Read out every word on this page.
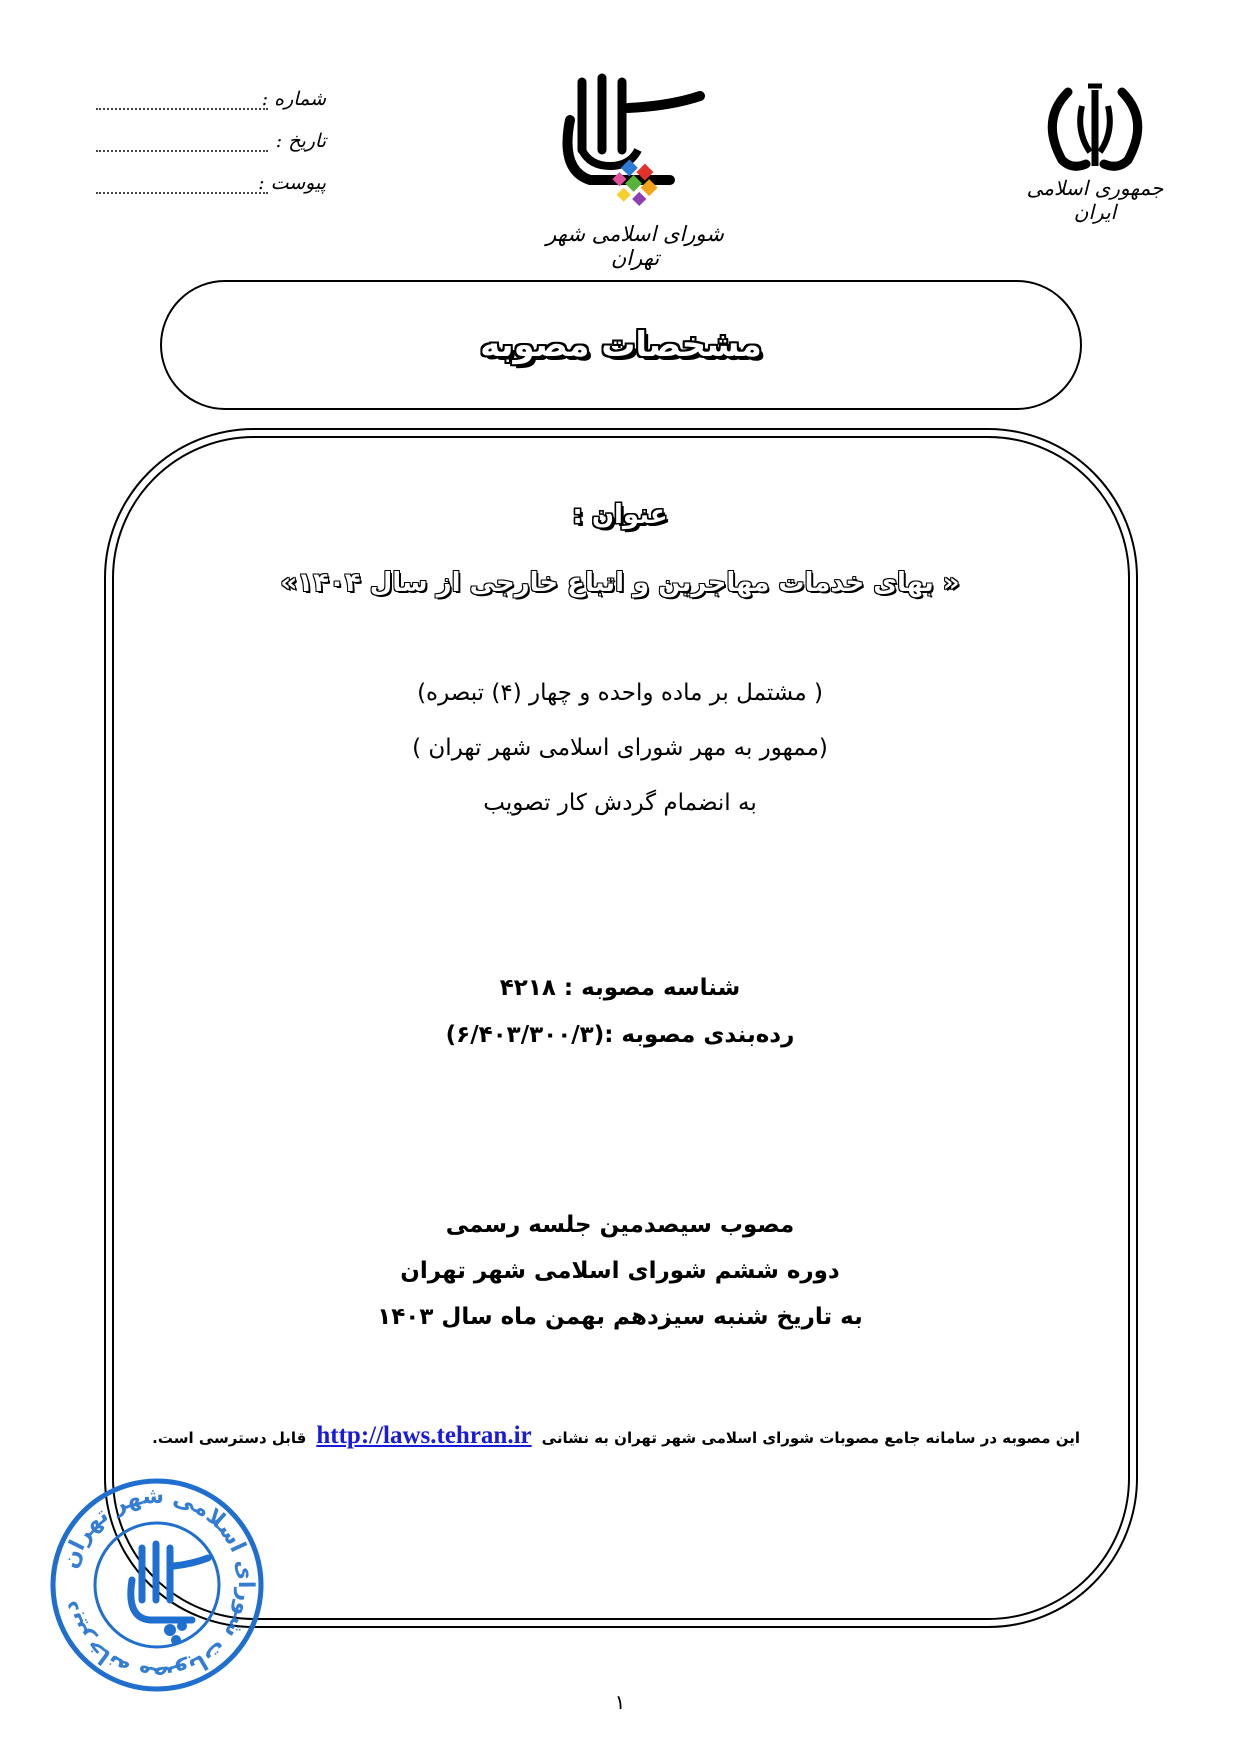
شماره :
تاریخ :
پیوست :
شورای اسلامی شهر تهران
جمهوری اسلامی ایران
مشخصات مصوبه
عنوان :
« بهای خدمات مهاجرین و اتباع خارجی از سال ۱۴۰۴»
( مشتمل بر ماده واحده و چهار (۴) تبصره)
(ممهور به مهر شورای اسلامی شهر تهران )
به انضمام گردش کار تصویب
شناسه مصوبه : ۴۲۱۸
رده‌بندی مصوبه :(۶/۴۰۳/۳۰۰/۳)
مصوب سیصدمین جلسه رسمی
دوره ششم شورای اسلامی شهر تهران
به تاریخ شنبه سیزدهم بهمن ماه سال ۱۴۰۳
این مصوبه در سامانه جامع مصوبات شورای اسلامی شهر تهران به نشانی
http://laws.tehran.ir
قابل دسترسی است.
دبیرخانه مصوبات شورای اسلامی شهر تهران
۱
